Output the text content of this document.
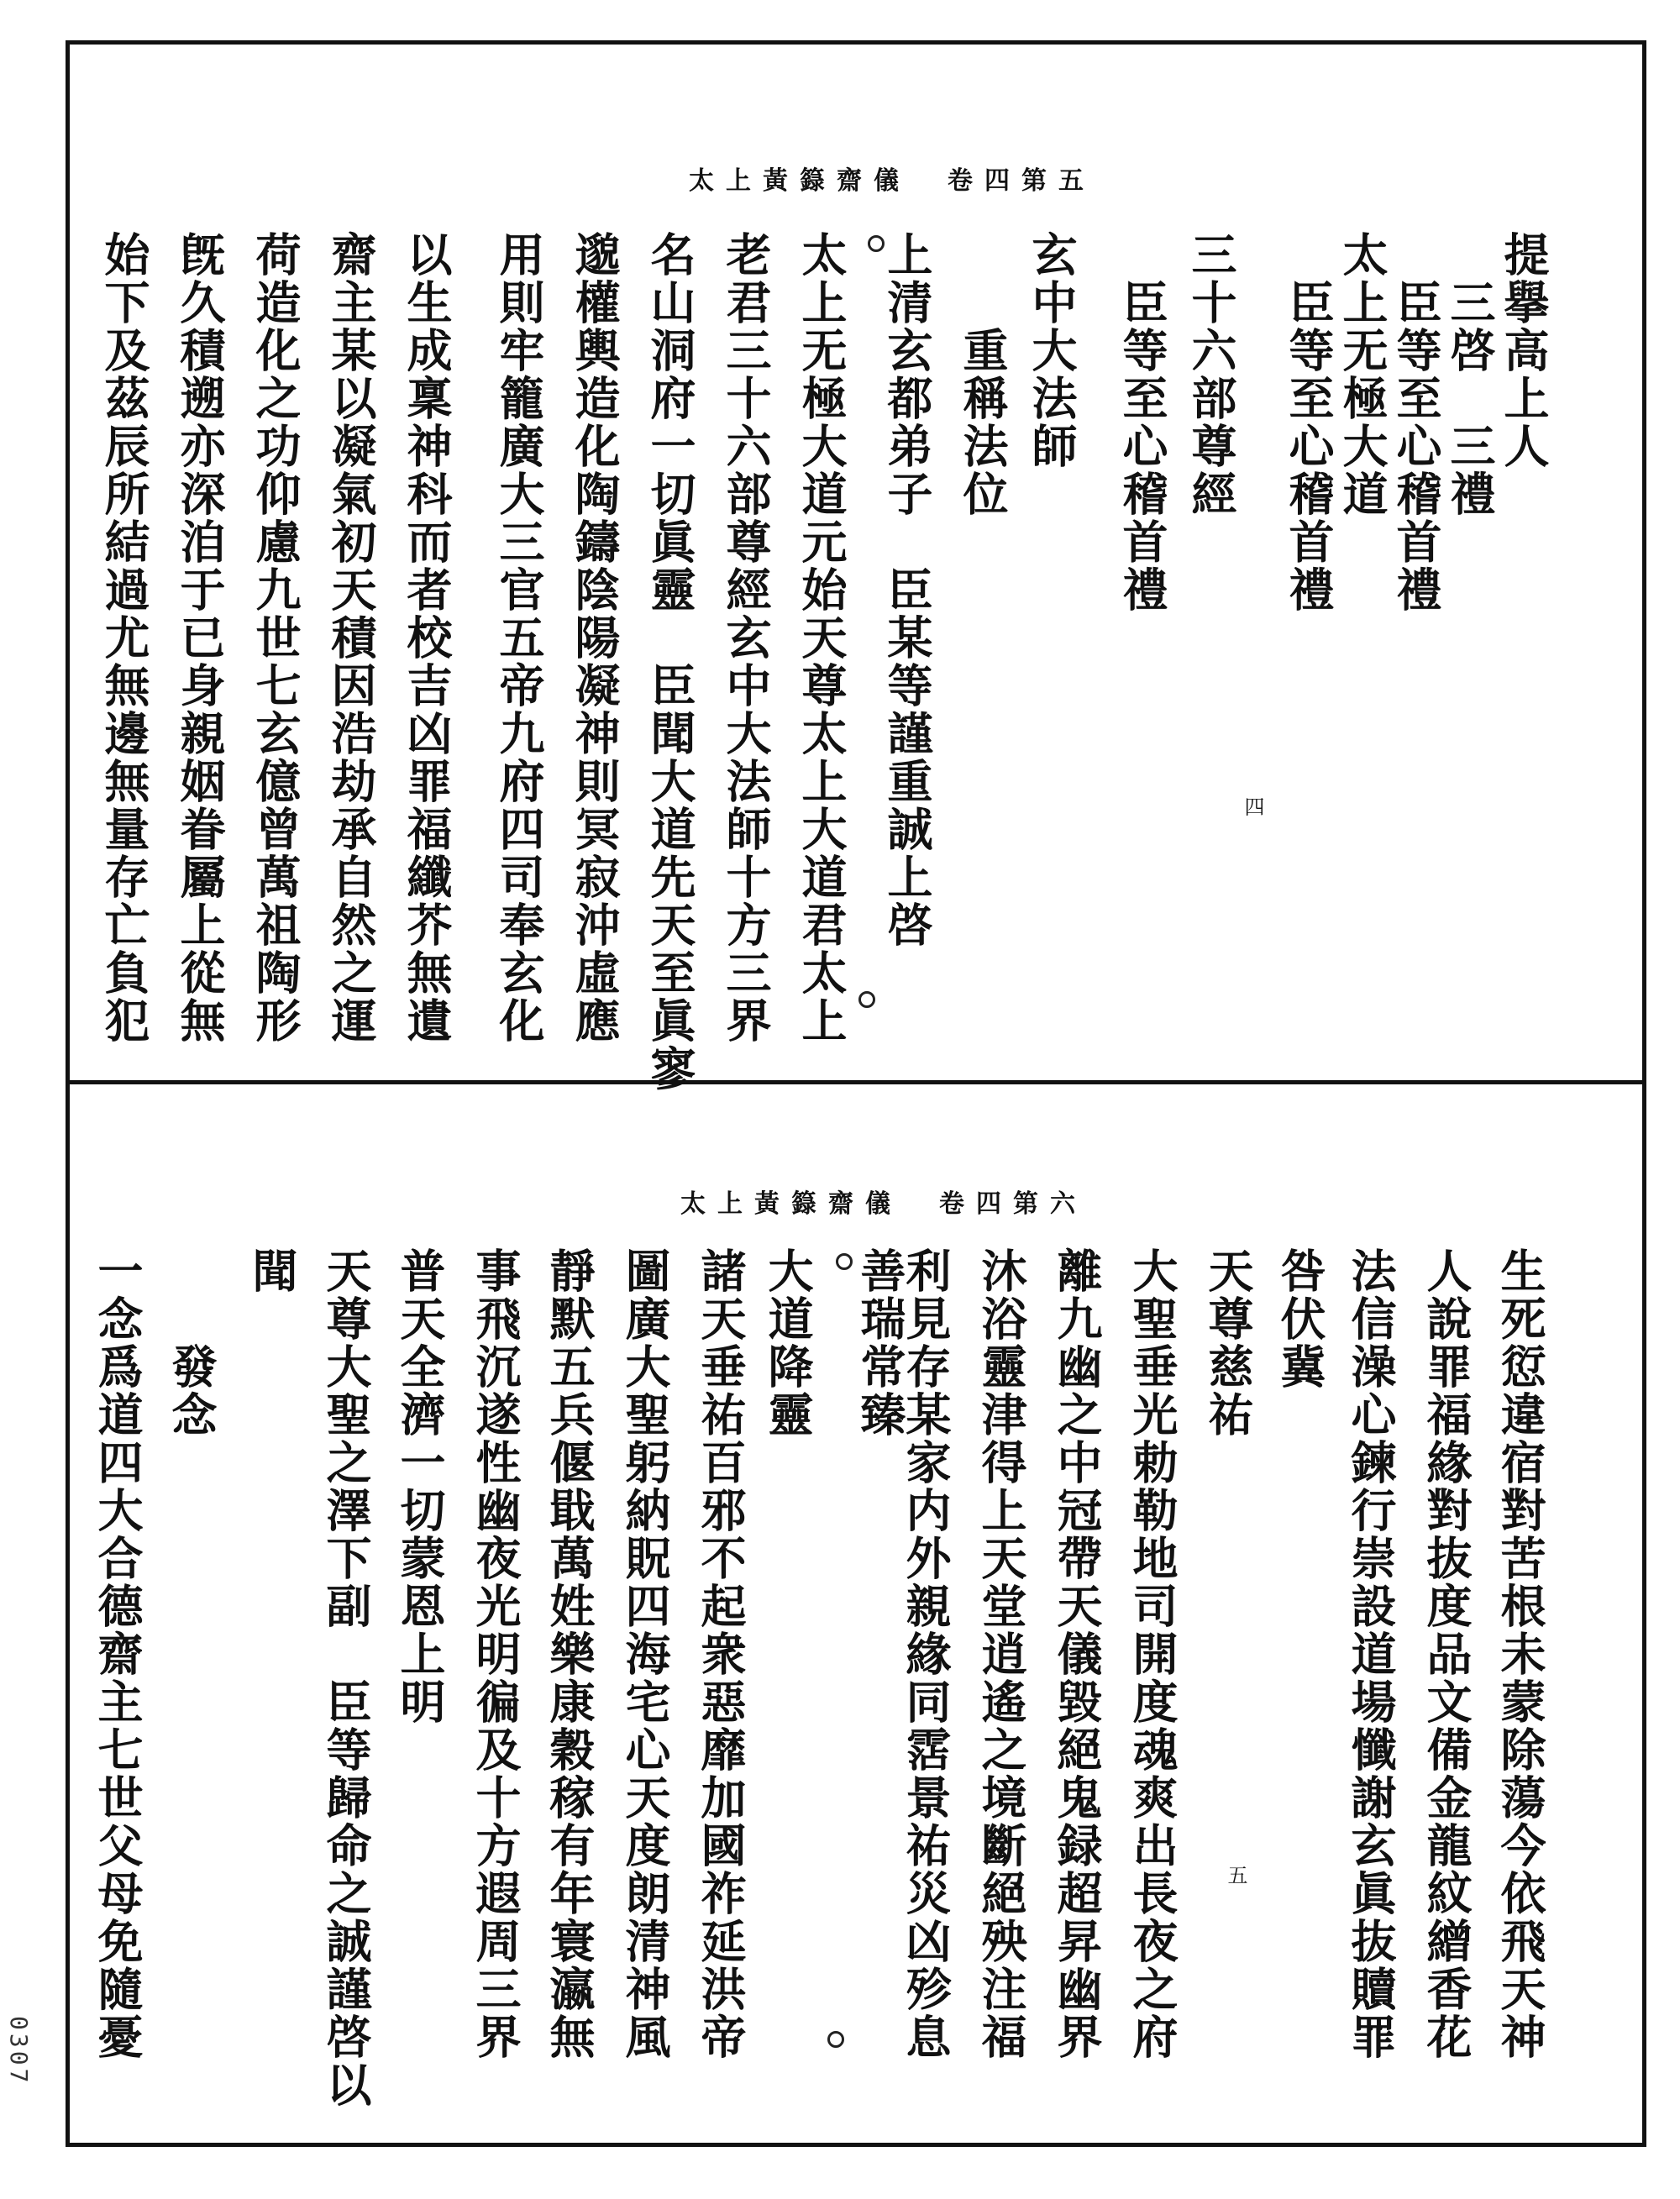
太上黃籙齋儀　卷四第五
四
提擧高上人
　三啓　三禮
　臣等至心稽首禮
太上无極大道
　臣等至心稽首禮
三十六部尊經
　臣等至心稽首禮
玄中大法師
　　重稱法位
上清玄都弟子　臣某等謹重誠上啓
太上无極大道元始天尊太上大道君太上
老君三十六部尊經玄中大法師十方三界
名山洞府一切眞靈　臣聞大道先天至眞寥
邈權輿造化陶鑄陰陽凝神則冥寂沖虛應
用則牢籠廣大三官五帝九府四司奉玄化
以生成稟神科而者校吉凶罪福纖芥無遺
齋主某以凝氣初天積因浩劫承自然之運
荷造化之功仰慮九世七玄億曾萬祖陶形
旣久積遡亦深洎于已身親姻眷屬上從無
始下及茲辰所結過尤無邊無量存亡負犯
太上黃籙齋儀　卷四第六
五	生死愆違宿對苦根未蒙除蕩今依飛天神
人說罪福緣對抜度品文備金龍紋繒香花
法信澡心鍊行崇設道場懺謝玄眞抜贖罪
咎伏冀
天尊慈祐
大聖垂光勅勒地司開度魂爽出長夜之府
離九幽之中冠帶天儀毀絕鬼録超昇幽界
沐浴靈津得上天堂逍遙之境斷絕殃注福
利見存某家内外親緣同霑景祐災凶殄息
善瑞常臻
大道降靈
諸天垂祐百邪不起衆惡靡加國祚延洪帝
圖廣大聖躬納貺四海宅心天度朗清神風
靜默五兵偃戢萬姓樂康穀稼有年寰瀛無
事飛沉遂性幽夜光明徧及十方遐周三界
普天全濟一切蒙恩上明
天尊大聖之澤下副　臣等歸命之誠謹啓以
聞
　　發念
一念爲道四大合德齋主七世父母免隨憂
0307
